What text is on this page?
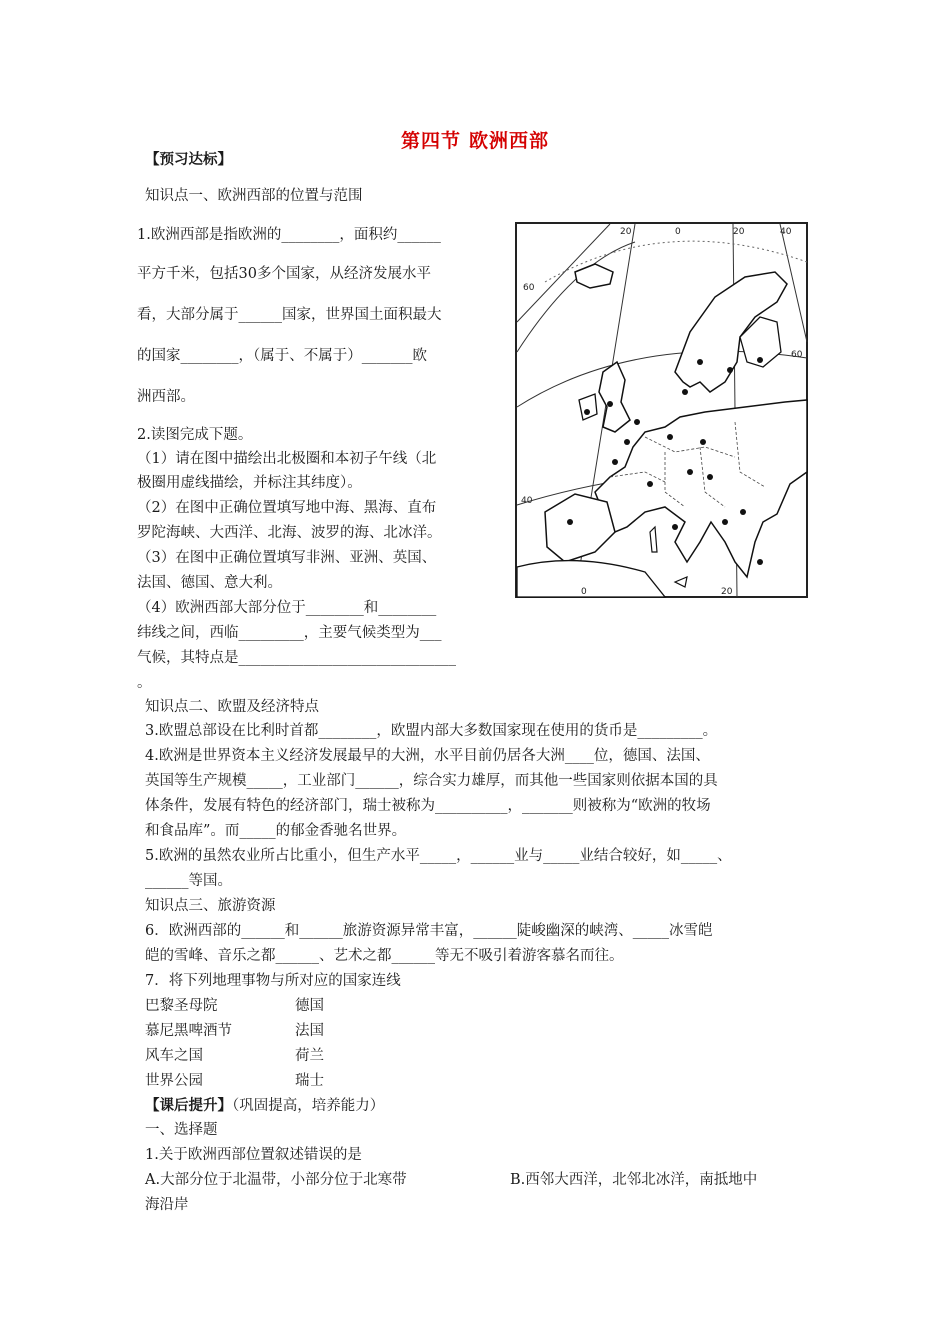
第四节 欧洲西部
【预习达标】
知识点一、欧洲西部的位置与范围
1.欧洲西部是指欧洲的________，面积约______
平方千米，包括30多个国家，从经济发展水平
看，大部分属于______国家，世界国土面积最大
的国家________，（属于、不属于）_______欧
洲西部。
2.读图完成下题。
（1）请在图中描绘出北极圈和本初子午线（北
极圈用虚线描绘，并标注其纬度）。
（2）在图中正确位置填写地中海、黑海、直布
罗陀海峡、大西洋、北海、波罗的海、北冰洋。
（3）在图中正确位置填写非洲、亚洲、英国、
法国、德国、意大利。
（4）欧洲西部大部分位于________和________
纬线之间，西临_________，主要气候类型为___
气候，其特点是______________________________
。
20	0	20	40
60
60
40
0	20
知识点二、欧盟及经济特点
3.欧盟总部设在比利时首都________，欧盟内部大多数国家现在使用的货币是_________。
4.欧洲是世界资本主义经济发展最早的大洲，水平目前仍居各大洲____位，德国、法国、
英国等生产规模_____，工业部门______，综合实力雄厚，而其他一些国家则依据本国的具
体条件，发展有特色的经济部门，瑞士被称为__________，_______则被称为“欧洲的牧场
和食品库”。而_____的郁金香驰名世界。
5.欧洲的虽然农业所占比重小，但生产水平_____，______业与_____业结合较好，如_____、
______等国。
知识点三、旅游资源
6．欧洲西部的______和______旅游资源异常丰富，______陡峻幽深的峡湾、_____冰雪皑
皑的雪峰、音乐之都______、艺术之都______等无不吸引着游客慕名而往。
7．将下列地理事物与所对应的国家连线
巴黎圣母院	德国
慕尼黑啤酒节	法国
风车之国	荷兰
世界公园	瑞士
【课后提升】（巩固提高，培养能力）
一、选择题
1.关于欧洲西部位置叙述错误的是
A.大部分位于北温带，小部分位于北寒带	B.西邻大西洋，北邻北冰洋，南抵地中
海沿岸
